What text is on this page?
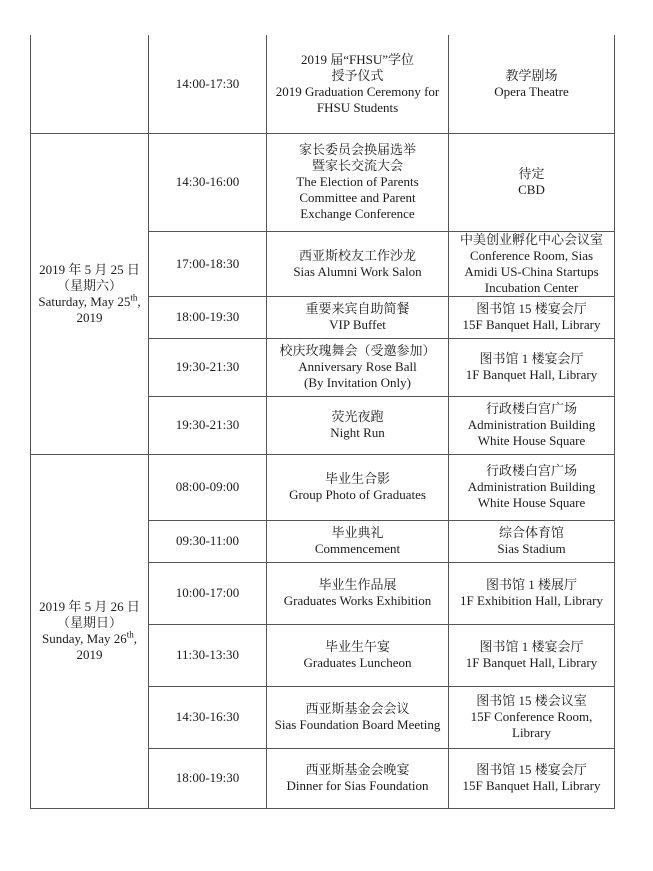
	14:00-17:30	2019 届“FHSU”学位
授予仪式
2019 Graduation Ceremony for
FHSU Students	教学剧场
Opera Theatre

2019 年 5 月 25 日
（星期六）
Saturday, May 25th,
2019	14:30-16:00	家长委员会换届选举
暨家长交流大会
The Election of Parents
Committee and Parent
Exchange Conference	待定
CBD

	17:00-18:30	西亚斯校友工作沙龙
Sias Alumni Work Salon	中美创业孵化中心会议室
Conference Room, Sias
Amidi US-China Startups
Incubation Center

	18:00-19:30	重要来宾自助简餐
VIP Buffet	图书馆 15 楼宴会厅
15F Banquet Hall, Library

	19:30-21:30	校庆玫瑰舞会（受邀参加）
Anniversary Rose Ball
(By Invitation Only)	图书馆 1 楼宴会厅
1F Banquet Hall, Library

	19:30-21:30	荧光夜跑
Night Run	行政楼白宫广场
Administration Building
White House Square

2019 年 5 月 26 日
（星期日）
Sunday, May 26th,
2019	08:00-09:00	毕业生合影
Group Photo of Graduates	行政楼白宫广场
Administration Building
White House Square

	09:30-11:00	毕业典礼
Commencement	综合体育馆
Sias Stadium

	10:00-17:00	毕业生作品展
Graduates Works Exhibition	图书馆 1 楼展厅
1F Exhibition Hall, Library

	11:30-13:30	毕业生午宴
Graduates Luncheon	图书馆 1 楼宴会厅
1F Banquet Hall, Library

	14:30-16:30	西亚斯基金会会议
Sias Foundation Board Meeting	图书馆 15 楼会议室
15F Conference Room,
Library

	18:00-19:30	西亚斯基金会晚宴
Dinner for Sias Foundation	图书馆 15 楼宴会厅
15F Banquet Hall, Library
